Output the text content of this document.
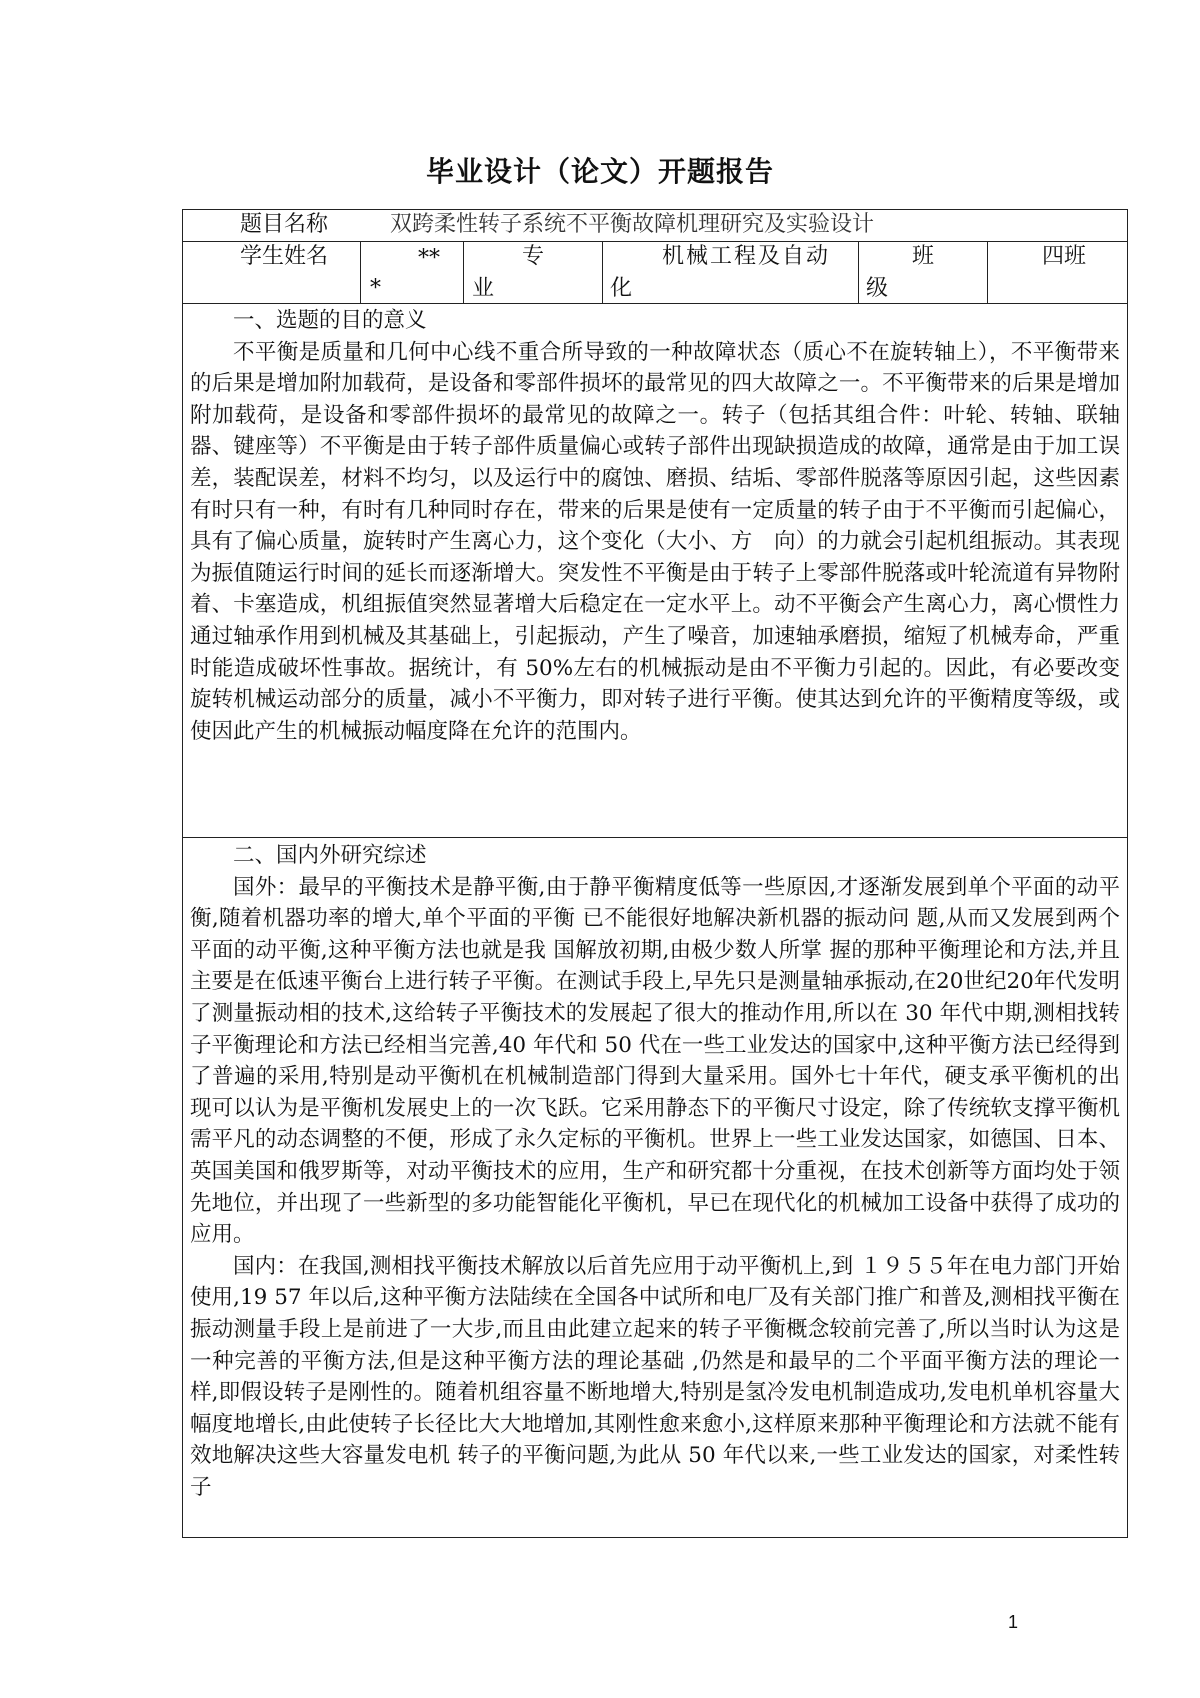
毕业设计（论文）开题报告
题目名称	双跨柔性转子系统不平衡故障机理研究及实验设计
学生姓名	**
*
专
业
机械工程及自动
化
班
级
四班

一、选题的目的意义

不平衡是质量和几何中心线不重合所导致的一种故障状态（质心不在旋转轴上），不平衡带来的后果是增加附加载荷，是设备和零部件损坏的最常见的四大故障之一。不平衡带来的后果是增加附加载荷，是设备和零部件损坏的最常见的故障之一。转子（包括其组合件：叶轮、转轴、联轴器、键座等）不平衡是由于转子部件质量偏心或转子部件出现缺损造成的故障，通常是由于加工误差，装配误差，材料不均匀，以及运行中的腐蚀、磨损、结垢、零部件脱落等原因引起，这些因素有时只有一种，有时有几种同时存在，带来的后果是使有一定质量的转子由于不平衡而引起偏心，具有了偏心质量，旋转时产生离心力，这个变化（大小、方　向）的力就会引起机组振动。其表现为振值随运行时间的延长而逐渐增大。突发性不平衡是由于转子上零部件脱落或叶轮流道有异物附着、卡塞造成，机组振值突然显著增大后稳定在一定水平上。动不平衡会产生离心力，离心惯性力通过轴承作用到机械及其基础上，引起振动，产生了噪音，加速轴承磨损，缩短了机械寿命，严重时能造成破坏性事故。据统计，有 50%左右的机械振动是由不平衡力引起的。因此，有必要改变旋转机械运动部分的质量，减小不平衡力，即对转子进行平衡。使其达到允许的平衡精度等级，或使因此产生的机械振动幅度降在允许的范围内。

二、国内外研究综述

国外：最早的平衡技术是静平衡,由于静平衡精度低等一些原因,才逐渐发展到单个平面的动平衡,随着机器功率的增大,单个平面的平衡 已不能很好地解决新机器的振动问 题,从而又发展到两个平面的动平衡,这种平衡方法也就是我 国解放初期,由极少数人所掌 握的那种平衡理论和方法,并且主要是在低速平衡台上进行转子平衡。在测试手段上,早先只是测量轴承振动,在20世纪20年代发明了测量振动相的技术,这给转子平衡技术的发展起了很大的推动作用,所以在 30 年代中期,测相找转子平衡理论和方法已经相当完善,40 年代和 50 代在一些工业发达的国家中,这种平衡方法已经得到了普遍的采用,特别是动平衡机在机械制造部门得到大量采用。国外七十年代，硬支承平衡机的出现可以认为是平衡机发展史上的一次飞跃。它采用静态下的平衡尺寸设定，除了传统软支撑平衡机需平凡的动态调整的不便，形成了永久定标的平衡机。世界上一些工业发达国家，如德国、日本、英国美国和俄罗斯等，对动平衡技术的应用，生产和研究都十分重视，在技术创新等方面均处于领先地位，并出现了一些新型的多功能智能化平衡机，早已在现代化的机械加工设备中获得了成功的应用。

国内：在我国,测相找平衡技术解放以后首先应用于动平衡机上,到 １９５５年在电力部门开始使用,19 57 年以后,这种平衡方法陆续在全国各中试所和电厂及有关部门推广和普及,测相找平衡在振动测量手段上是前进了一大步,而且由此建立起来的转子平衡概念较前完善了,所以当时认为这是一种完善的平衡方法,但是这种平衡方法的理论基础 ,仍然是和最早的二个平面平衡方法的理论一样,即假设转子是刚性的。随着机组容量不断地增大,特别是氢冷发电机制造成功,发电机单机容量大幅度地增长,由此使转子长径比大大地增加,其刚性愈来愈小,这样原来那种平衡理论和方法就不能有效地解决这些大容量发电机 转子的平衡问题,为此从 50 年代以来,一些工业发达的国家，对柔性转子

1
